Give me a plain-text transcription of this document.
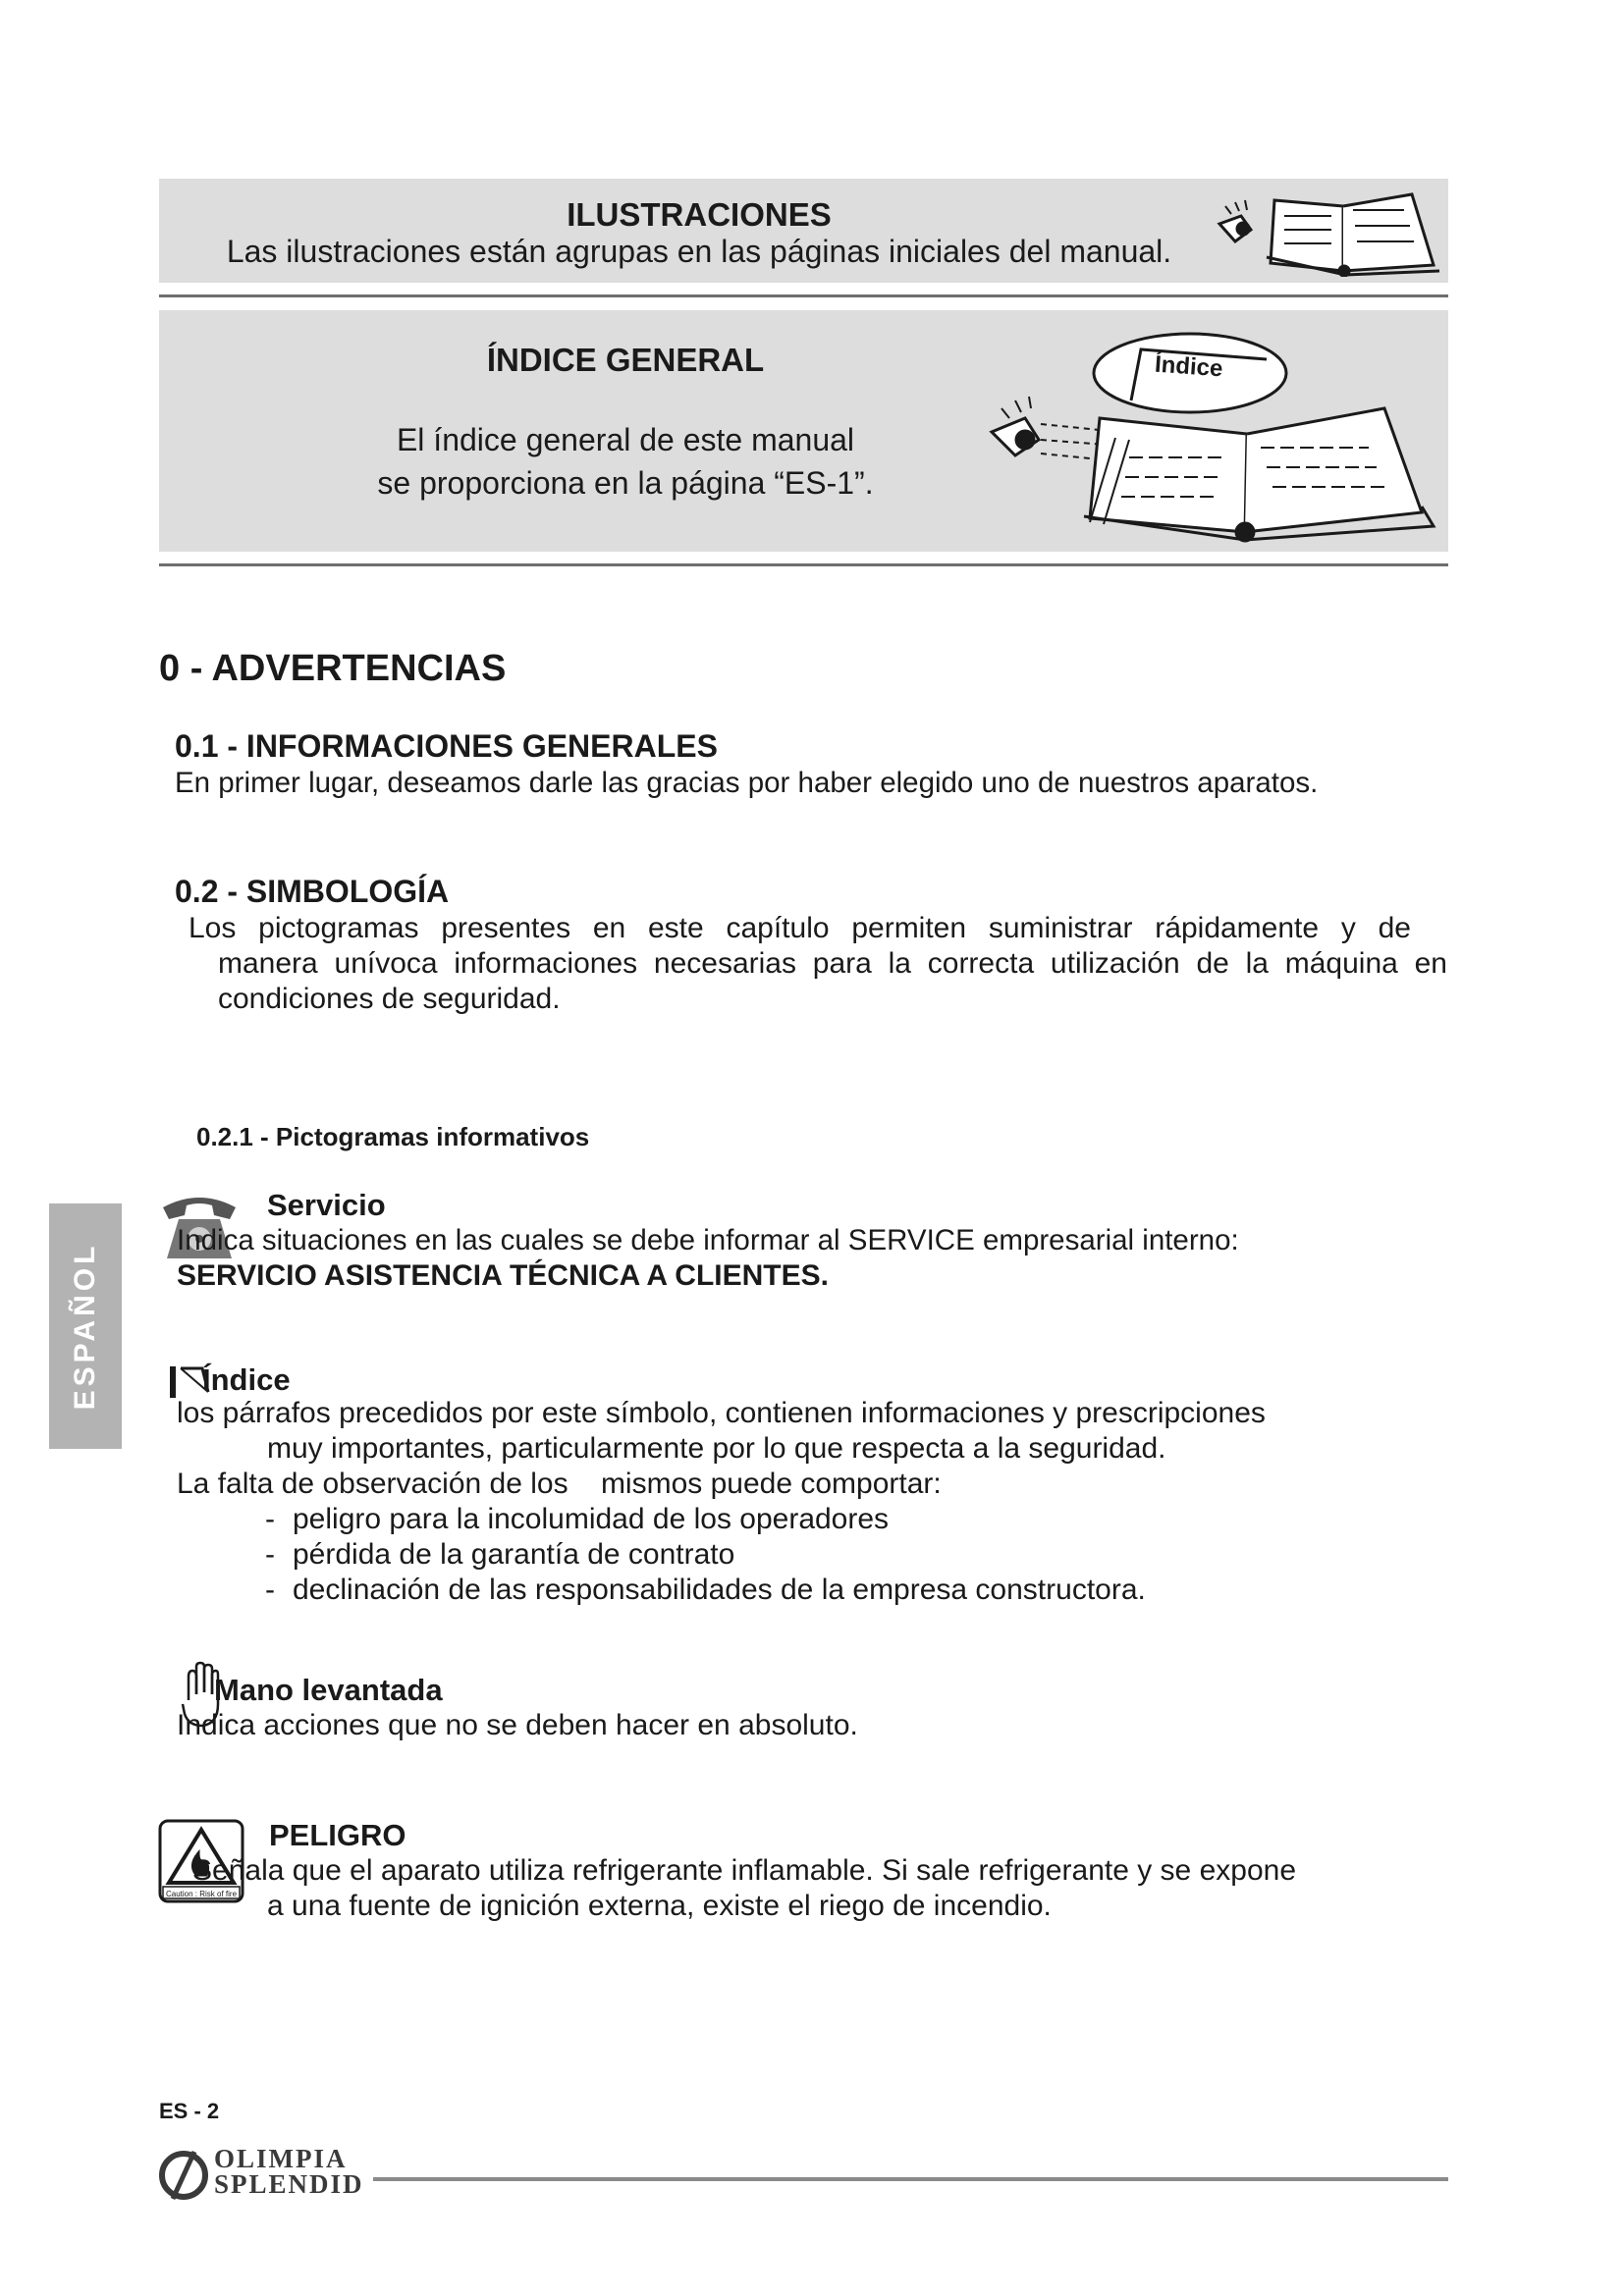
ILUSTRACIONES
Las ilustraciones están agrupas en las páginas iniciales del manual.
ÍNDICE GENERAL
El índice general de este manual
se proporciona en la página “ES-1”.
Índice
0 - ADVERTENCIAS
0.1 - INFORMACIONES GENERALES
En primer lugar, deseamos darle las gracias por haber elegido uno de nuestros aparatos.
0.2 - SIMBOLOGÍA
Los pictogramas presentes en este capítulo permiten suministrar rápidamente y de
manera unívoca informaciones necesarias para la correcta utilización de la máquina en condiciones de seguridad.
0.2.1 - Pictogramas informativos
ESPAÑOL
Servicio
Indica situaciones en las cuales se debe informar al SERVICE empresarial interno:
SERVICIO ASISTENCIA TÉCNICA A CLIENTES.
Índice
los párrafos precedidos por este símbolo, contienen informaciones y prescripciones
muy importantes, particularmente por lo que respecta a la seguridad.
La falta de observación de los    mismos puede comportar:
- peligro para la incolumidad de los operadores
- pérdida de la garantía de contrato
- declinación de las responsabilidades de la empresa constructora.
Mano levantada
Indica acciones que no se deben hacer en absoluto.
Caution : Risk of fire
PELIGRO
Señala que el aparato utiliza refrigerante inflamable. Si sale refrigerante y se expone
a una fuente de ignición externa, existe el riego de incendio.
ES - 2
OLIMPIA
SPLENDID
